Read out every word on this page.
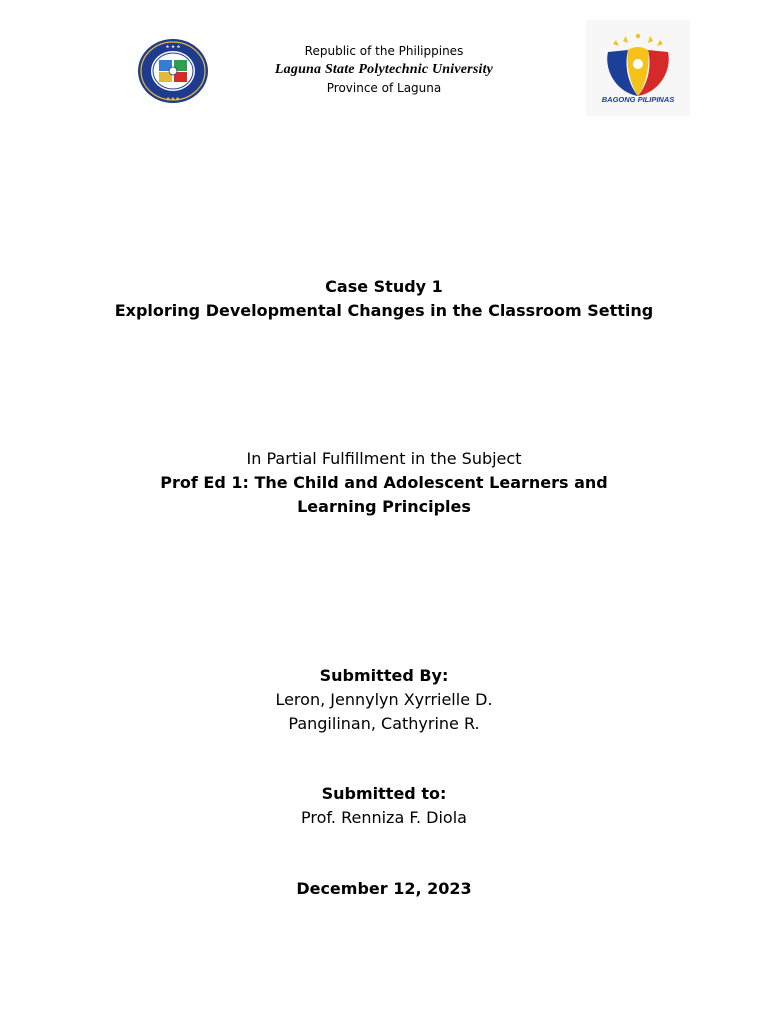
★ ★ ★
● ● ●
Republic of the Philippines
Laguna State Polytechnic University
Province of Laguna
BAGONG PILIPINAS
Case Study 1
Exploring Developmental Changes in the Classroom Setting
In Partial Fulfillment in the Subject
Prof Ed 1: The Child and Adolescent Learners and Learning Principles
Submitted By:
Leron, Jennylyn Xyrrielle D.
Pangilinan, Cathyrine R.
Submitted to:
Prof. Renniza F. Diola
December 12, 2023
